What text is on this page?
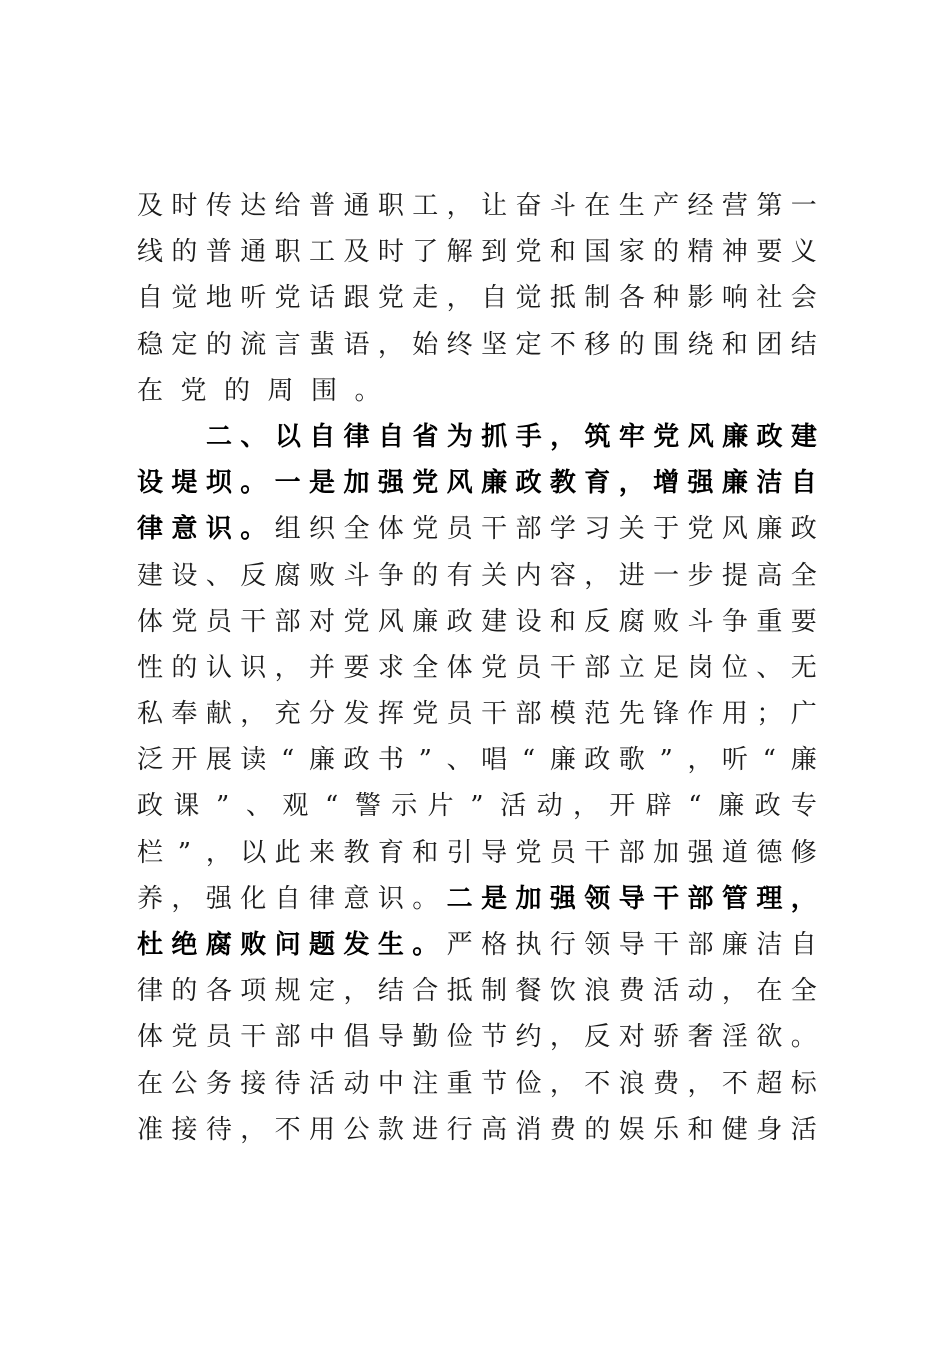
及 时 传 达 给 普 通 职 工 ， 让 奋 斗 在 生 产 经 营 第 一
线 的 普 通 职 工 及 时 了 解 到 党 和 国 家 的 精 神 要 义
自 觉 地 听 党 话 跟 党 走 ， 自 觉 抵 制 各 种 影 响 社 会
稳 定 的 流 言 蜚 语 ， 始 终 坚 定 不 移 的 围 绕 和 团 结
在 党 的 周 围 。
二 、 以 自 律 自 省 为 抓 手 ， 筑 牢 党 风 廉 政 建
设 堤 坝 。 一 是 加 强 党 风 廉 政 教 育 ， 增 强 廉 洁 自
律 意 识 。 组 织 全 体 党 员 干 部 学 习 关 于 党 风 廉 政
建 设 、 反 腐 败 斗 争 的 有 关 内 容 ， 进 一 步 提 高 全
体 党 员 干 部 对 党 风 廉 政 建 设 和 反 腐 败 斗 争 重 要
性 的 认 识 ， 并 要 求 全 体 党 员 干 部 立 足 岗 位 、 无
私 奉 献 ， 充 分 发 挥 党 员 干 部 模 范 先 锋 作 用 ； 广
泛 开 展 读 “ 廉 政 书 ” 、 唱 “ 廉 政 歌 ” ， 听 “ 廉
政 课 ” 、 观 “ 警 示 片 ” 活 动 ， 开 辟 “ 廉 政 专
栏 ” ， 以 此 来 教 育 和 引 导 党 员 干 部 加 强 道 德 修
养 ， 强 化 自 律 意 识 。 二 是 加 强 领 导 干 部 管 理 ，
杜 绝 腐 败 问 题 发 生 。 严 格 执 行 领 导 干 部 廉 洁 自
律 的 各 项 规 定 ， 结 合 抵 制 餐 饮 浪 费 活 动 ， 在 全
体 党 员 干 部 中 倡 导 勤 俭 节 约 ， 反 对 骄 奢 淫 欲 。
在 公 务 接 待 活 动 中 注 重 节 俭 ， 不 浪 费 ， 不 超 标
准 接 待 ， 不 用 公 款 进 行 高 消 费 的 娱 乐 和 健 身 活
